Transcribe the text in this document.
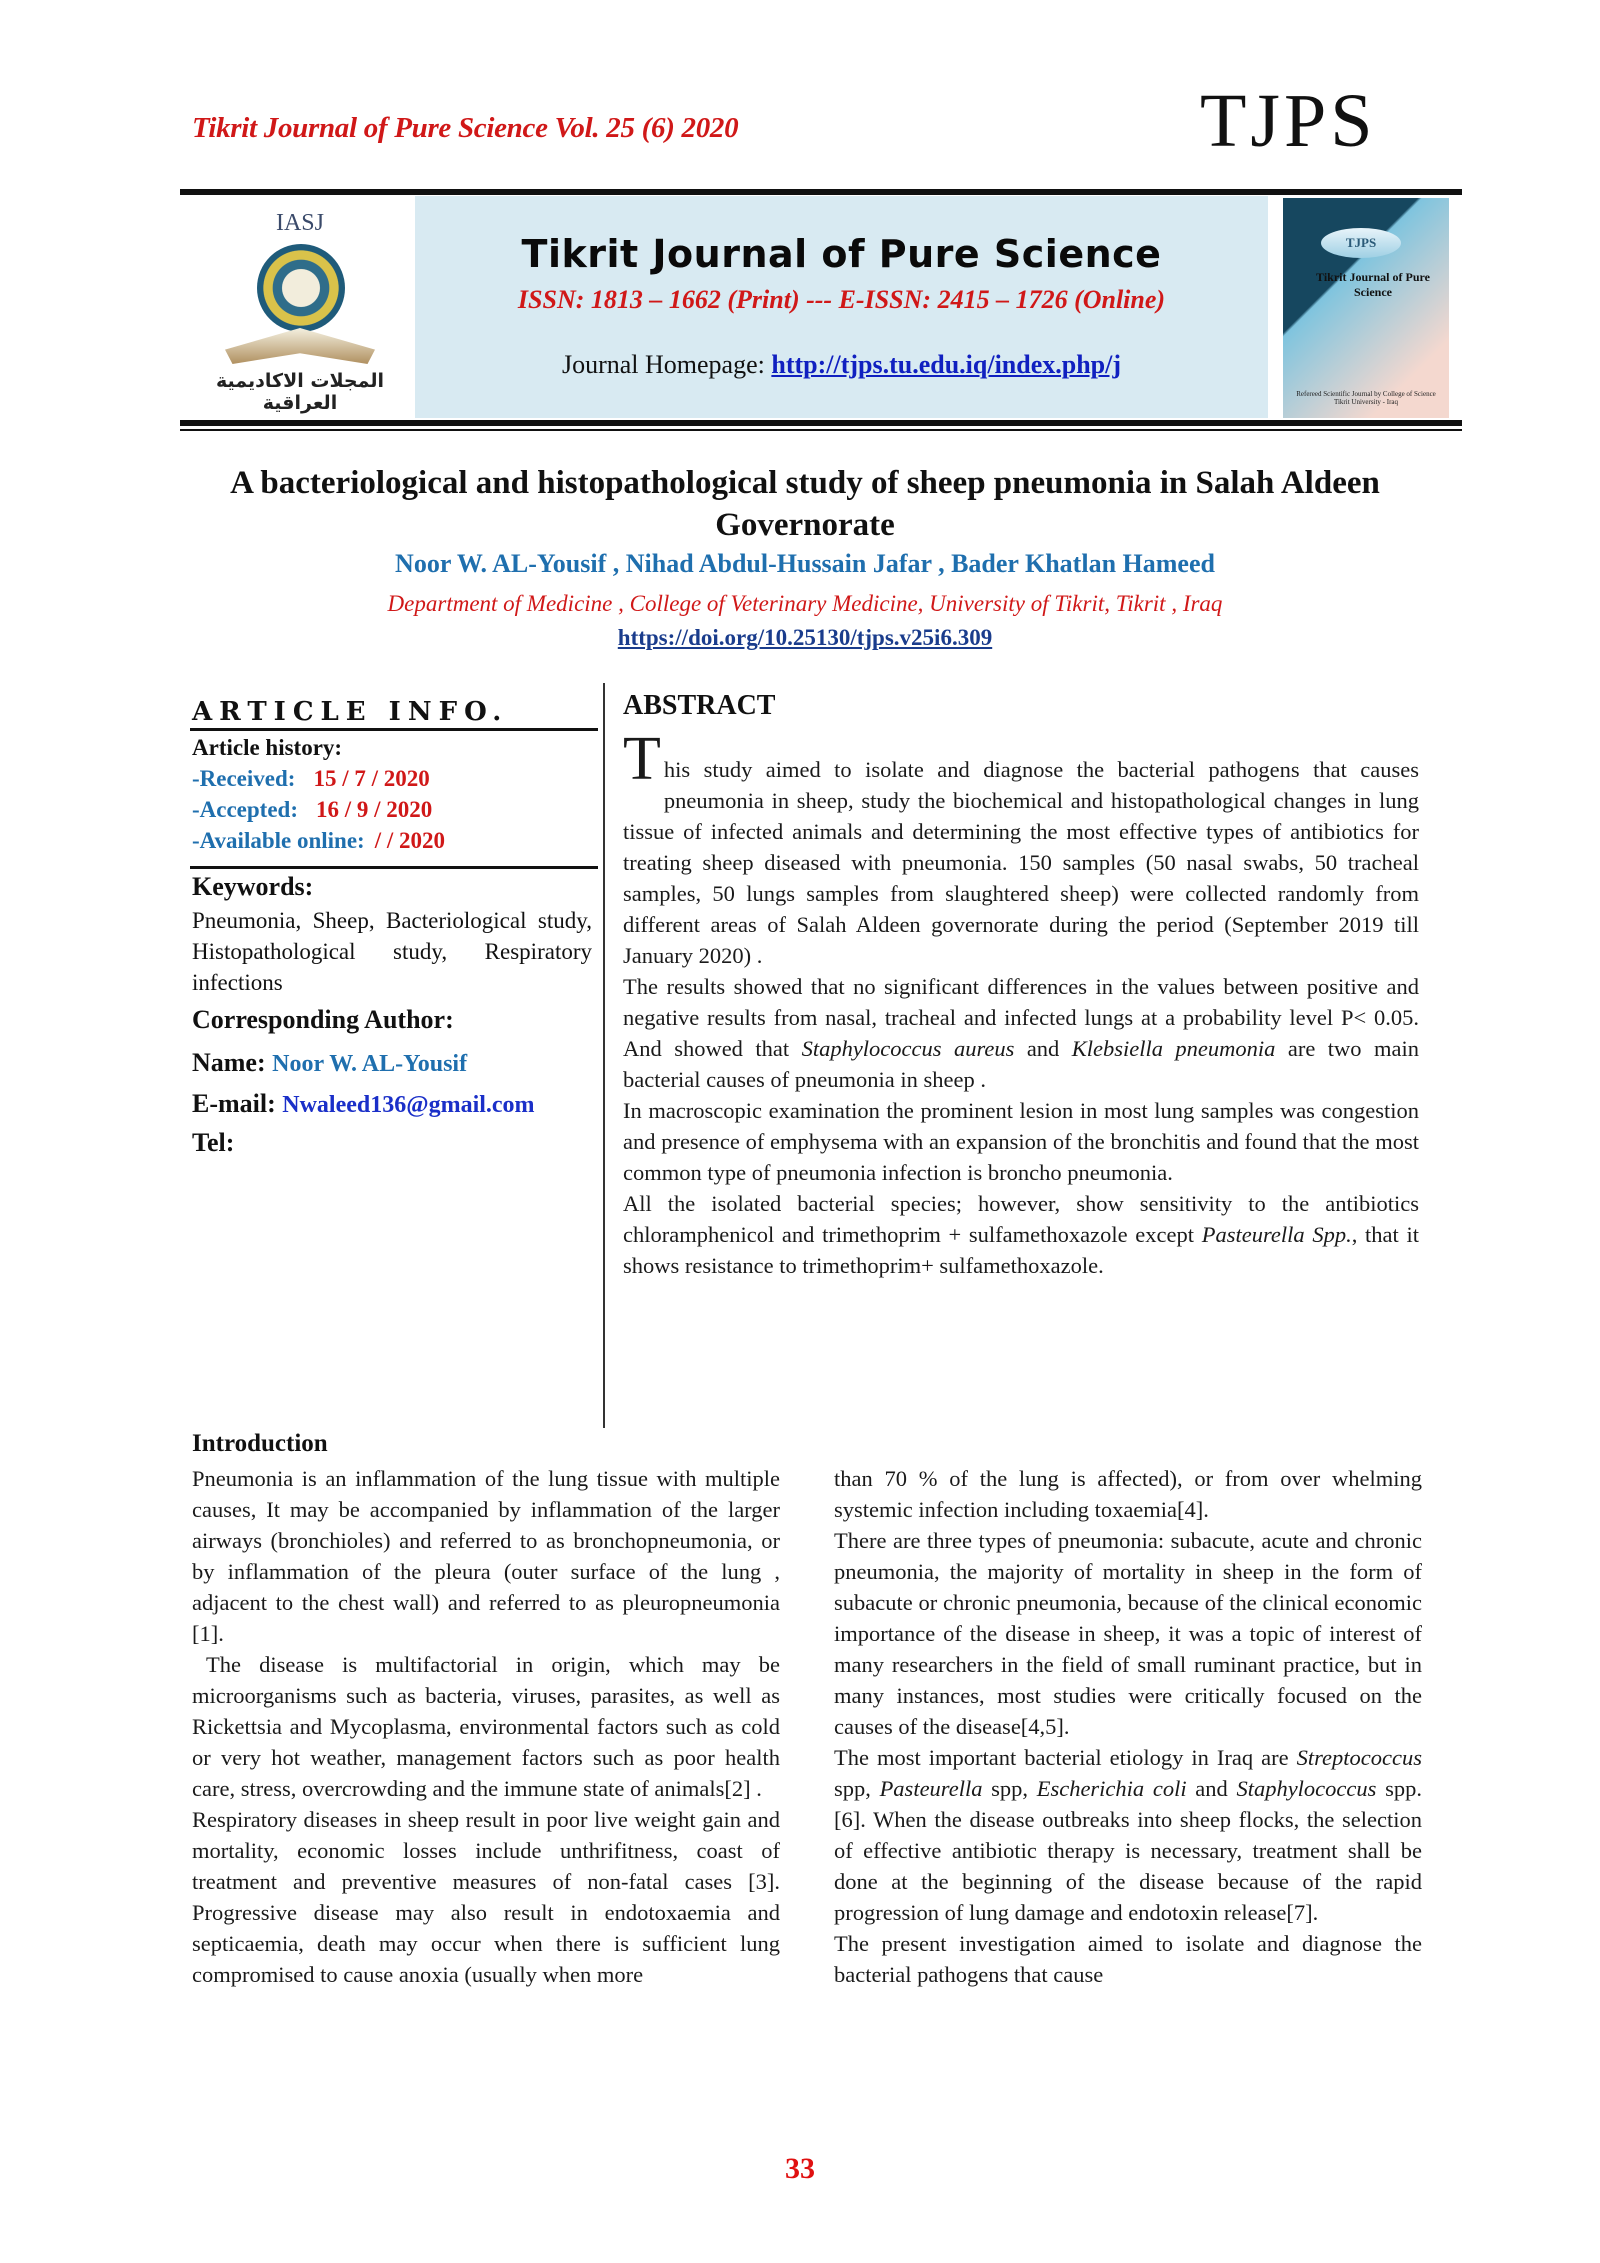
Tikrit Journal of Pure Science Vol. 25 (6) 2020	TJPS
IASJ
المجلات الاكاديمية العراقية
Tikrit Journal of Pure Science
ISSN: 1813 – 1662 (Print) --- E-ISSN: 2415 – 1726 (Online)
Journal Homepage: http://tjps.tu.edu.iq/index.php/j
TJPS
Tikrit Journal of Pure Science
Refereed Scientific Journal by College of Science Tikrit University - Iraq
A bacteriological and histopathological study of sheep pneumonia in Salah Aldeen Governorate
Noor W. AL-Yousif , Nihad Abdul-Hussain Jafar , Bader Khatlan Hameed
Department of Medicine , College of Veterinary Medicine, University of Tikrit, Tikrit , Iraq
https://doi.org/10.25130/tjps.v25i6.309
ARTICLE INFO.
Article history:
-Received: 15 / 7 / 2020
-Accepted: 16 / 9 / 2020
-Available online: / / 2020
Keywords:
Pneumonia, Sheep, Bacteriological study, Histopathological study, Respiratory infections
Corresponding Author:
Name: Noor W. AL-Yousif
E-mail: Nwaleed136@gmail.com
Tel:
ABSTRACT

T his study aimed to isolate and diagnose the bacterial pathogens that causes pneumonia in sheep, study the biochemical and histopathological changes in lung tissue of infected animals and determining the most effective types of antibiotics for treating sheep diseased with pneumonia. 150 samples (50 nasal swabs, 50 tracheal samples, 50 lungs samples from slaughtered sheep) were collected randomly from different areas of Salah Aldeen governorate during the period (September 2019 till January 2020) .

The results showed that no significant differences in the values between positive and negative results from nasal, tracheal and infected lungs at a probability level P< 0.05. And showed that Staphylococcus aureus and Klebsiella pneumonia are two main bacterial causes of pneumonia in sheep .

In macroscopic examination the prominent lesion in most lung samples was congestion and presence of emphysema with an expansion of the bronchitis and found that the most common type of pneumonia infection is broncho pneumonia.

All the isolated bacterial species; however, show sensitivity to the antibiotics chloramphenicol and trimethoprim + sulfamethoxazole except Pasteurella Spp., that it shows resistance to trimethoprim+ sulfamethoxazole.

Introduction

Pneumonia is an inflammation of the lung tissue with multiple causes, It may be accompanied by inflammation of the larger airways (bronchioles) and referred to as bronchopneumonia, or by inflammation of the pleura (outer surface of the lung , adjacent to the chest wall) and referred to as pleuropneumonia [1].

The disease is multifactorial in origin, which may be microorganisms such as bacteria, viruses, parasites, as well as Rickettsia and Mycoplasma, environmental factors such as cold or very hot weather, management factors such as poor health care, stress, overcrowding and the immune state of animals[2] .

Respiratory diseases in sheep result in poor live weight gain and mortality, economic losses include unthrifitness, coast of treatment and preventive measures of non-fatal cases [3]. Progressive disease may also result in endotoxaemia and septicaemia, death may occur when there is sufficient lung compromised to cause anoxia (usually when more

than 70 % of the lung is affected), or from over whelming systemic infection including toxaemia[4].

There are three types of pneumonia: subacute, acute and chronic pneumonia, the majority of mortality in sheep in the form of subacute or chronic pneumonia, because of the clinical economic importance of the disease in sheep, it was a topic of interest of many researchers in the field of small ruminant practice, but in many instances, most studies were critically focused on the causes of the disease[4,5].

The most important bacterial etiology in Iraq are Streptococcus spp, Pasteurella spp, Escherichia coli and Staphylococcus spp. [6]. When the disease outbreaks into sheep flocks, the selection of effective antibiotic therapy is necessary, treatment shall be done at the beginning of the disease because of the rapid progression of lung damage and endotoxin release[7].

The present investigation aimed to isolate and diagnose the bacterial pathogens that cause

33
